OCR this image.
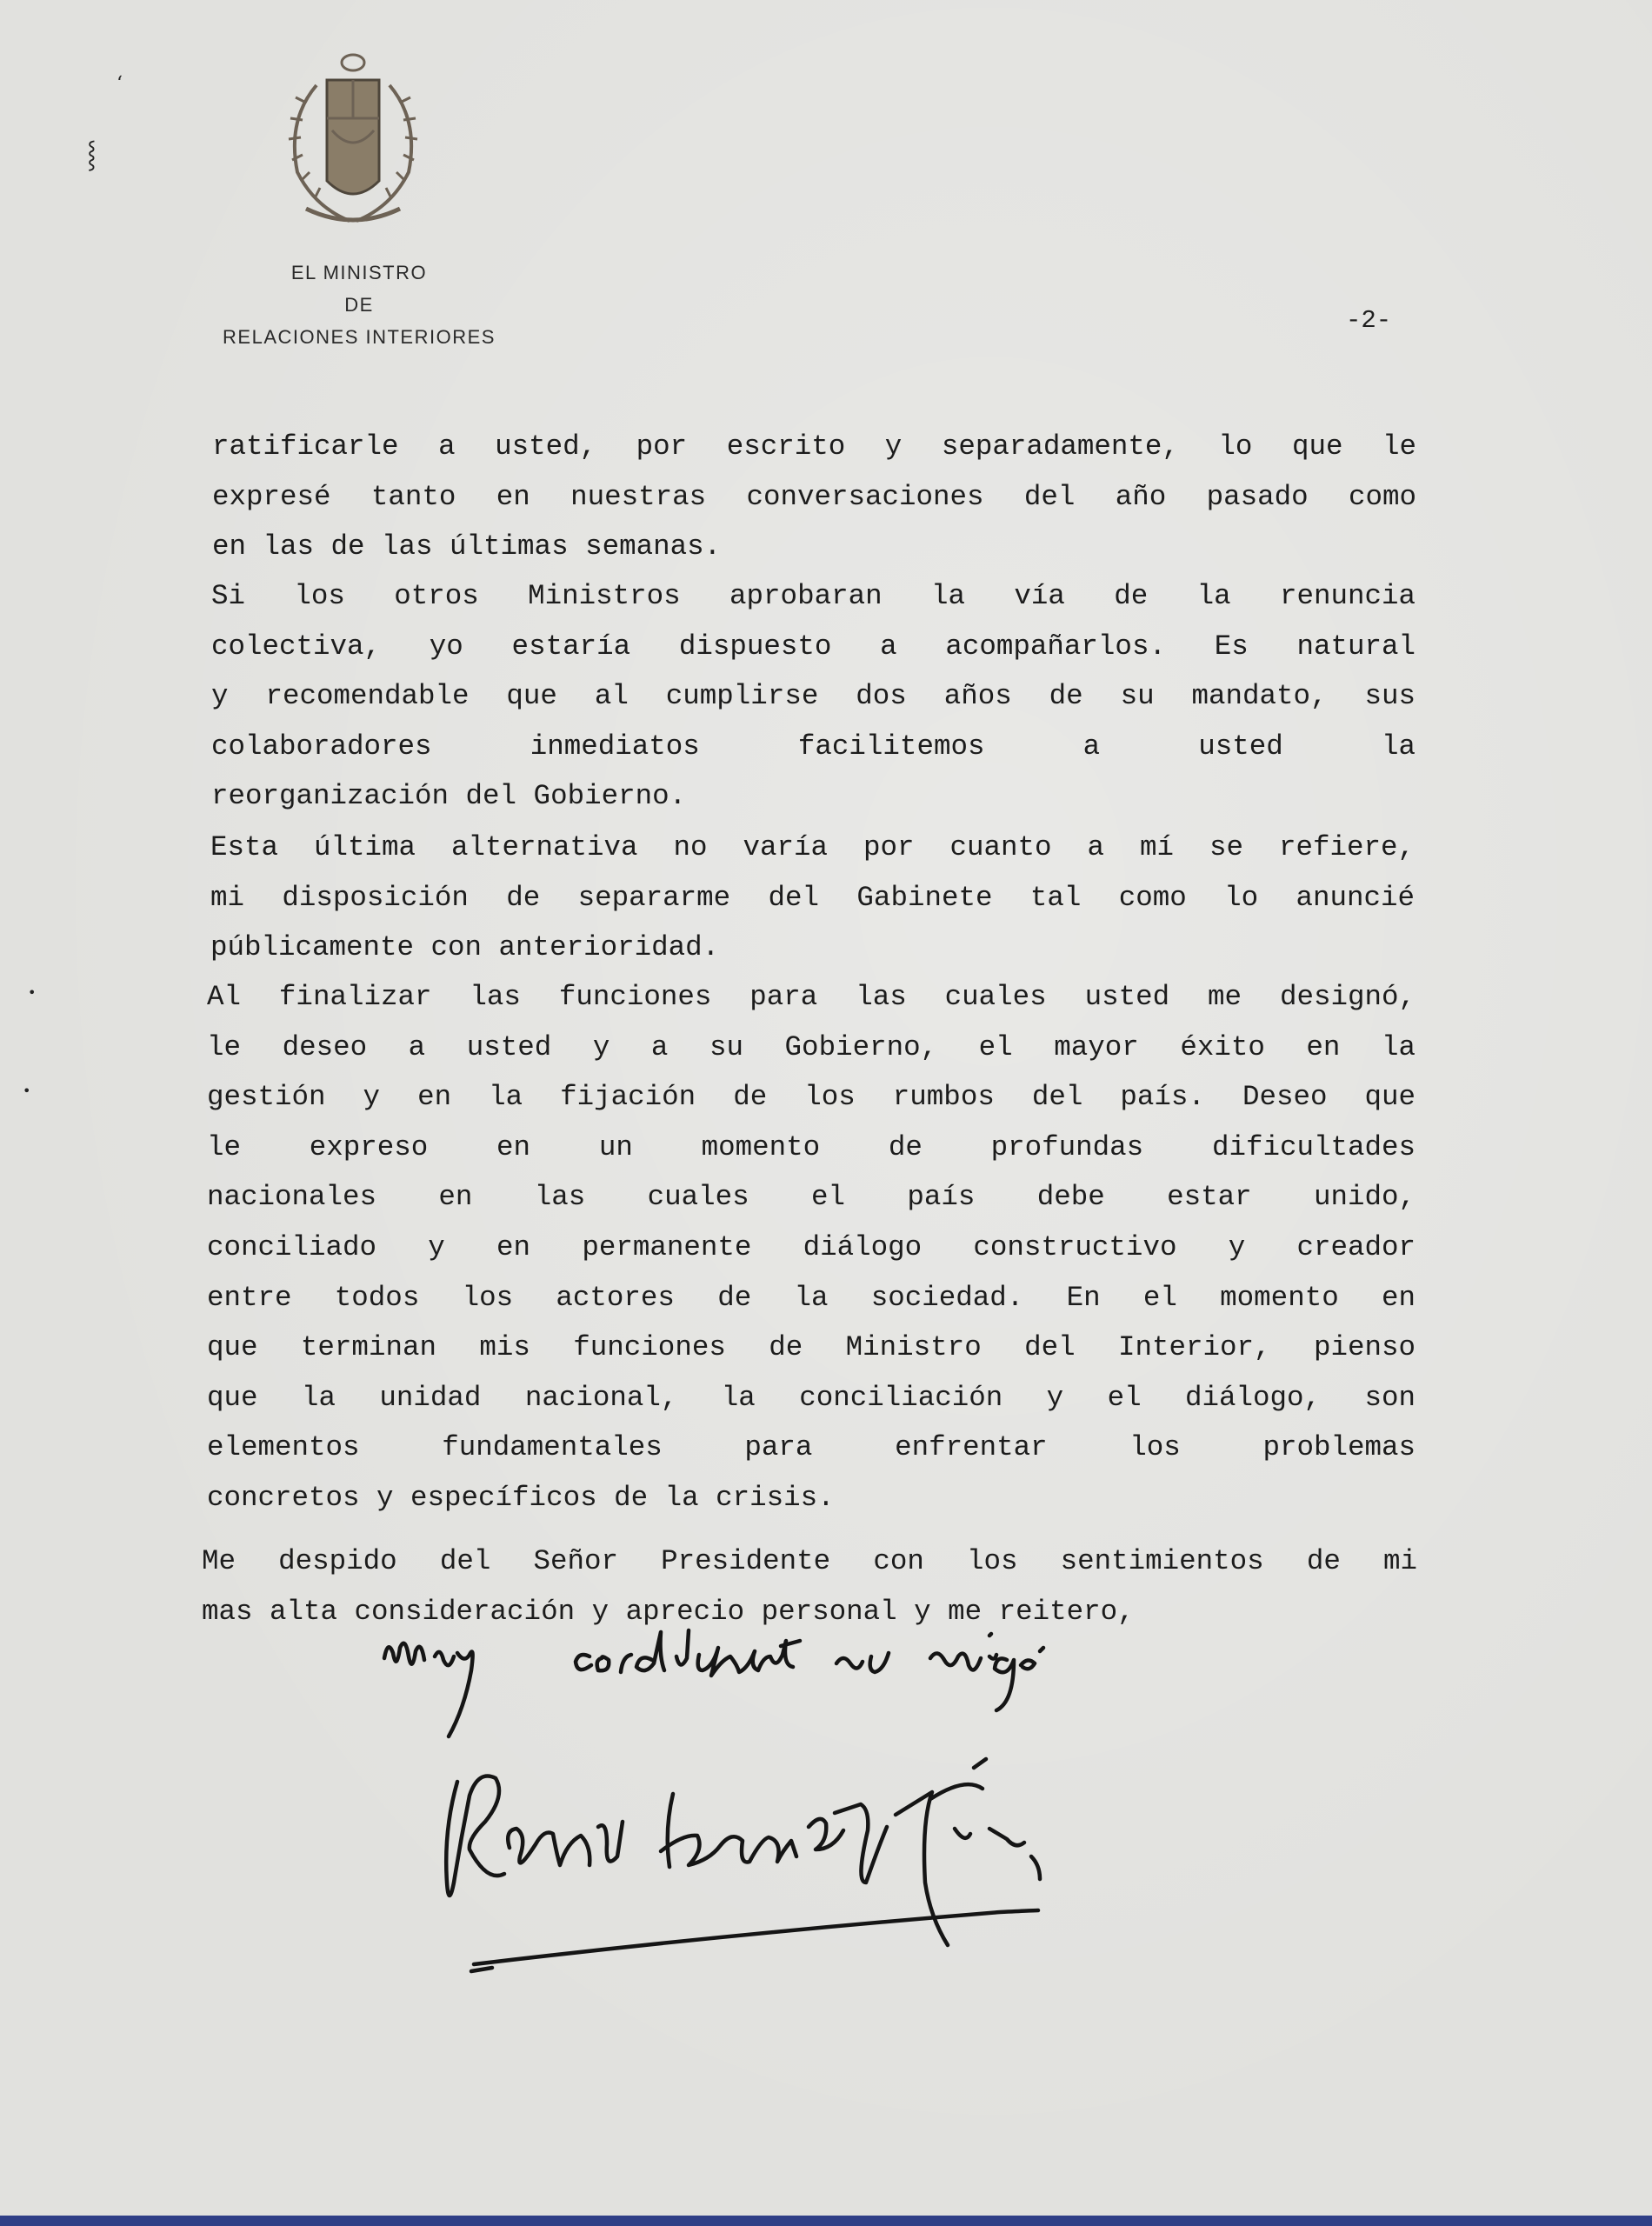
EL MINISTRO
DE
RELACIONES INTERIORES
-2-
ʻ
⸾
•
•
ratificarle a usted, por escrito y separadamente, lo que le
expresé tanto en nuestras conversaciones del año pasado como
en las de las últimas semanas.
Si los otros Ministros aprobaran la vía de la renuncia
colectiva, yo estaría dispuesto a acompañarlos. Es natural
y recomendable que al cumplirse dos años de su mandato, sus
colaboradores inmediatos facilitemos a usted la
reorganización del Gobierno.
Esta última alternativa no varía por cuanto a mí se refiere,
mi disposición de separarme del Gabinete tal como lo anuncié
públicamente con anterioridad.
Al finalizar las funciones para las cuales usted me designó,
le deseo a usted y a su Gobierno, el mayor éxito en la
gestión y en la fijación de los rumbos del país. Deseo que
le expreso en un momento de profundas dificultades
nacionales en las cuales el país debe estar unido,
conciliado y en permanente diálogo constructivo y creador
entre todos los actores de la sociedad. En el momento en
que terminan mis funciones de Ministro del Interior, pienso
que la unidad nacional, la conciliación y el diálogo, son
elementos fundamentales para enfrentar los problemas
concretos y específicos de la crisis.
Me despido del Señor Presidente con los sentimientos de mi
mas alta consideración y aprecio personal y me reitero,
